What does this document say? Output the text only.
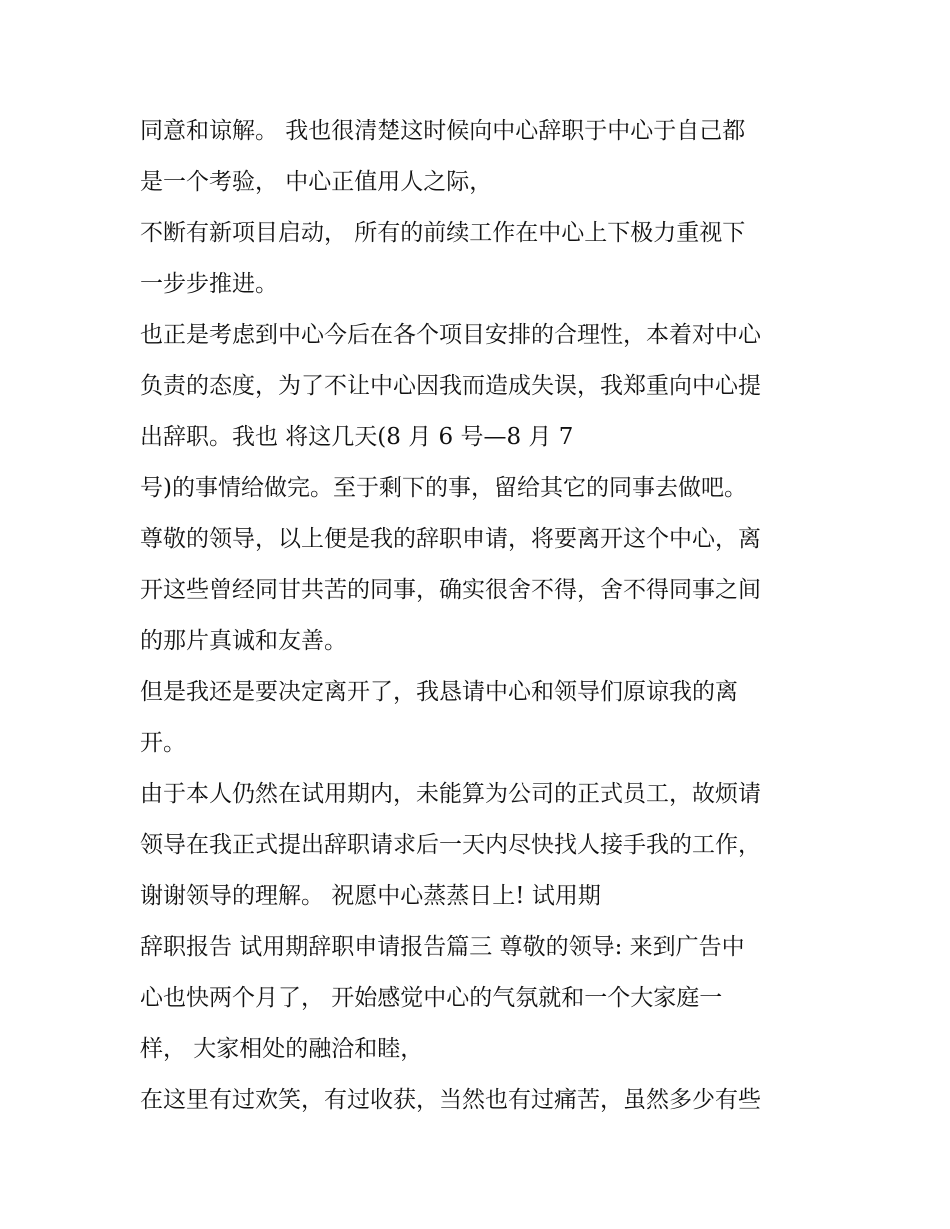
同意和谅解。 我也很清楚这时候向中心辞职于中心于自己都
是一个考验， 中心正值用人之际，
不断有新项目启动， 所有的前续工作在中心上下极力重视下
一步步推进。
也正是考虑到中心今后在各个项目安排的合理性，本着对中心
负责的态度，为了不让中心因我而造成失误，我郑重向中心提
出辞职。我也 将这几天(8 月 6 号—8 月 7
号)的事情给做完。至于剩下的事，留给其它的同事去做吧。
尊敬的领导，以上便是我的辞职申请，将要离开这个中心，离
开这些曾经同甘共苦的同事，确实很舍不得，舍不得同事之间
的那片真诚和友善。
但是我还是要决定离开了，我恳请中心和领导们原谅我的离
开。
由于本人仍然在试用期内，未能算为公司的正式员工，故烦请
领导在我正式提出辞职请求后一天内尽快找人接手我的工作，
谢谢领导的理解。 祝愿中心蒸蒸日上! 试用期
辞职报告 试用期辞职申请报告篇三 尊敬的领导: 来到广告中
心也快两个月了， 开始感觉中心的气氛就和一个大家庭一
样， 大家相处的融洽和睦，
在这里有过欢笑，有过收获，当然也有过痛苦，虽然多少有些
